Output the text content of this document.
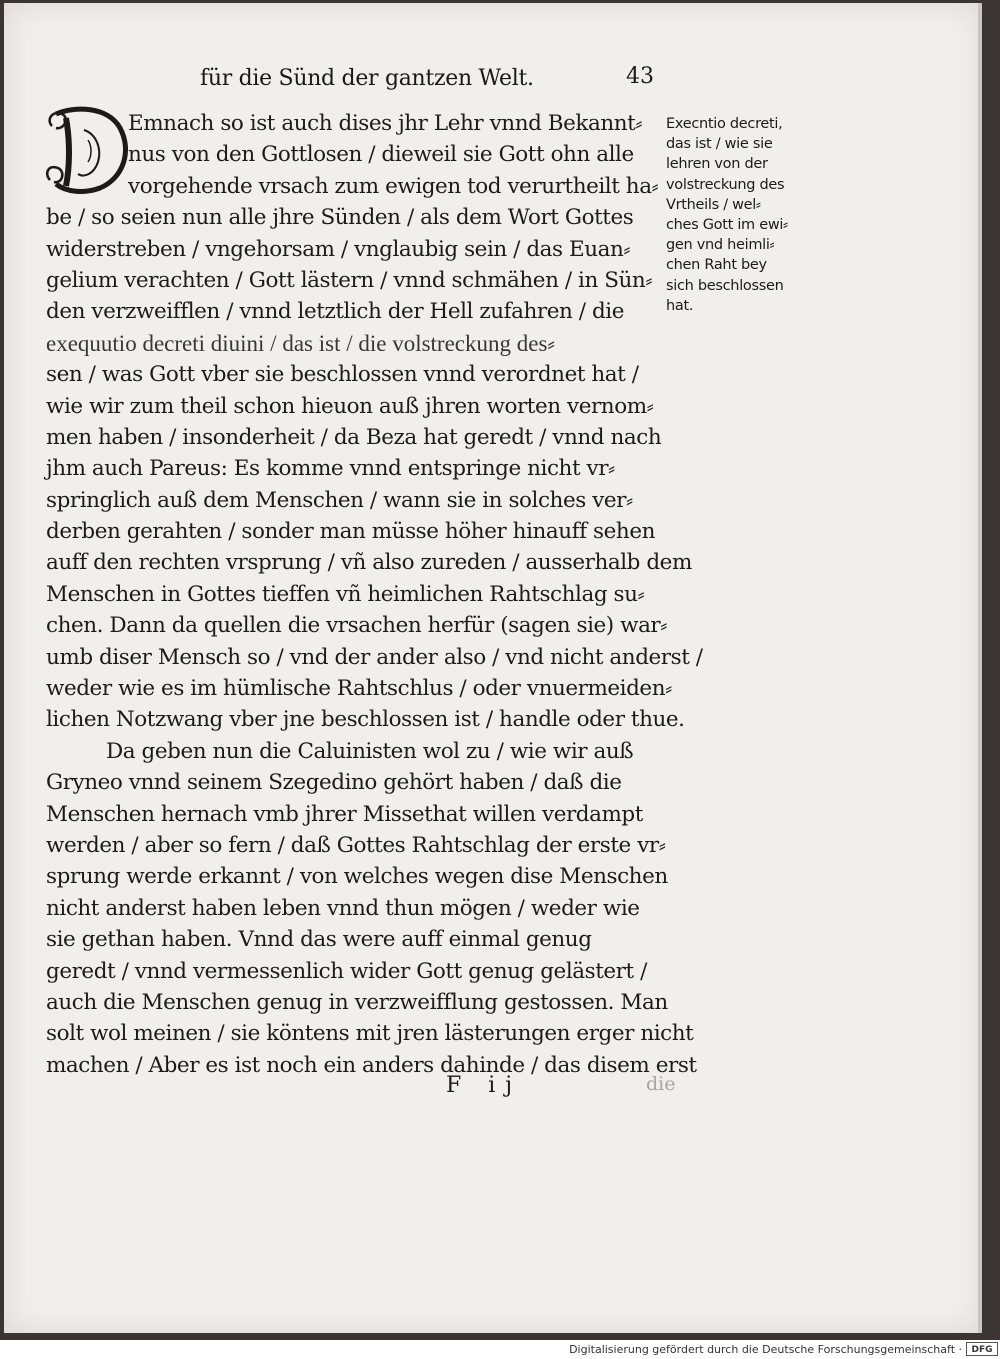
für die Sünd der gantzen Welt.	43
Emnach so ist auch dises jhr Lehr vnnd Bekannt⸗
nus von den Gottlosen / dieweil sie Gott ohn alle
vorgehende vrsach zum ewigen tod verurtheilt ha⸗
be / so seien nun alle jhre Sünden / als dem Wort Gottes
widerstreben / vngehorsam / vnglaubig sein / das Euan⸗
gelium verachten / Gott lästern / vnnd schmähen / in Sün⸗
den verzweifflen / vnnd letztlich der Hell zufahren / die
exequutio decreti diuini / das ist / die volstreckung des⸗
sen / was Gott vber sie beschlossen vnnd verordnet hat /
wie wir zum theil schon hieuon auß jhren worten vernom⸗
men haben / insonderheit / da Beza hat geredt / vnnd nach
jhm auch Pareus: Es komme vnnd entspringe nicht vr⸗
springlich auß dem Menschen / wann sie in solches ver⸗
derben gerahten / sonder man müsse höher hinauff sehen
auff den rechten vrsprung / vñ also zureden / ausserhalb dem
Menschen in Gottes tieffen vñ heimlichen Rahtschlag su⸗
chen. Dann da quellen die vrsachen herfür (sagen sie) war⸗
umb diser Mensch so / vnd der ander also / vnd nicht anderst /
weder wie es im hümlische Rahtschlus / oder vnuermeiden⸗
lichen Notzwang vber jne beschlossen ist / handle oder thue.
Da geben nun die Caluinisten wol zu / wie wir auß
Gryneo vnnd seinem Szegedino gehört haben / daß die
Menschen hernach vmb jhrer Missethat willen verdampt
werden / aber so fern / daß Gottes Rahtschlag der erste vr⸗
sprung werde erkannt / von welches wegen dise Menschen
nicht anderst haben leben vnnd thun mögen / weder wie
sie gethan haben. Vnnd das were auff einmal genug
geredt / vnnd vermessenlich wider Gott genug gelästert /
auch die Menschen genug in verzweifflung gestossen. Man
solt wol meinen / sie köntens mit jren lästerungen erger nicht
machen / Aber es ist noch ein anders dahinde / das disem erst
Execntio decreti,
das ist / wie sie
lehren von der
volstreckung des
Vrtheils / wel⸗
ches Gott im ewi⸗
gen vnd heimli⸗
chen Raht bey
sich beschlossen
hat.
F ij	die
Digitalisierung gefördert durch die Deutsche Forschungsgemeinschaft ·	DFG
